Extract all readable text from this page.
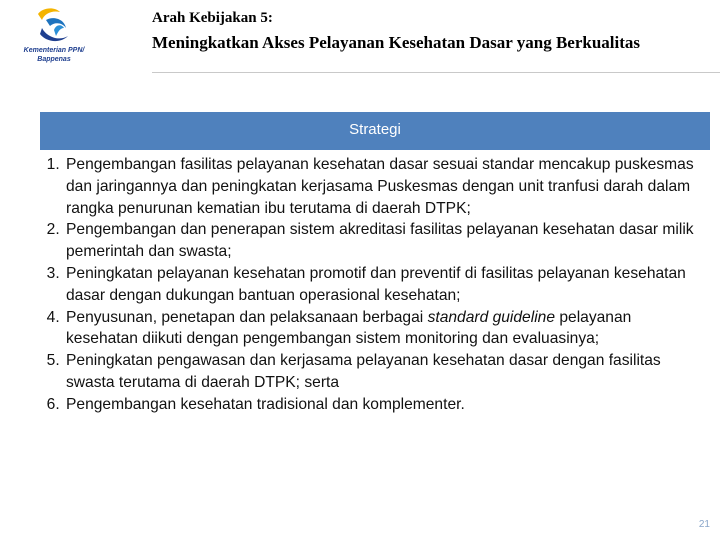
Kementerian PPN/
Bappenas
Arah Kebijakan 5:
Meningkatkan Akses Pelayanan Kesehatan Dasar yang Berkualitas
Strategi
1. Pengembangan fasilitas pelayanan kesehatan dasar sesuai standar mencakup puskesmas dan jaringannya dan peningkatan kerjasama Puskesmas dengan unit tranfusi darah dalam rangka penurunan kematian ibu terutama di daerah DTPK;
2. Pengembangan dan penerapan sistem akreditasi fasilitas pelayanan kesehatan dasar milik pemerintah dan swasta;
3. Peningkatan pelayanan kesehatan promotif dan preventif di fasilitas pelayanan kesehatan dasar dengan dukungan bantuan operasional kesehatan;
4. Penyusunan, penetapan dan pelaksanaan berbagai standard guideline pelayanan kesehatan diikuti dengan pengembangan sistem monitoring dan evaluasinya;
5. Peningkatan pengawasan dan kerjasama pelayanan kesehatan dasar dengan fasilitas swasta terutama di daerah DTPK; serta
6. Pengembangan kesehatan tradisional dan komplementer.
21
